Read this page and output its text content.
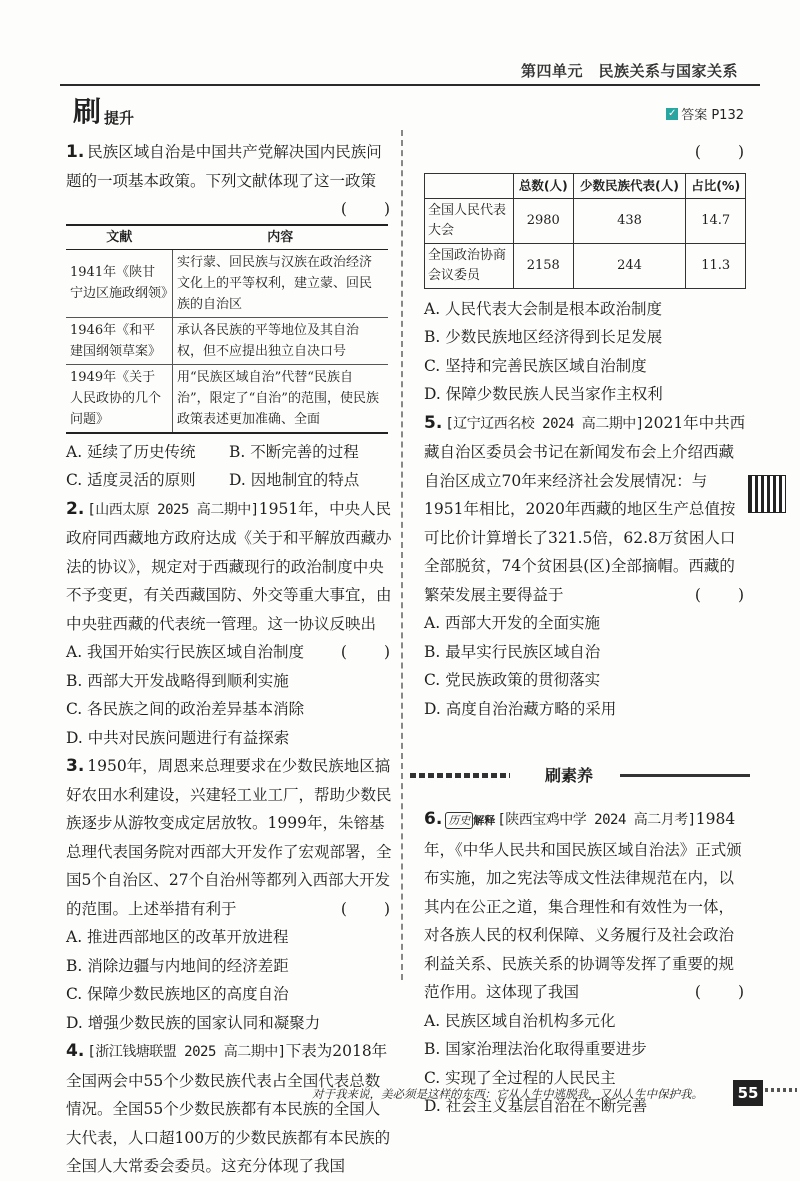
第四单元　民族关系与国家关系
刷 提升	✓ 答案 P132

1. 民族区域自治是中国共产党解决国内民族问题的一项基本政策。下列文献体现了这一政策
(　　)

文献	内容
1941年《陕甘宁边区施政纲领》	实行蒙、回民族与汉族在政治经济文化上的平等权利，建立蒙、回民族的自治区
1946年《和平建国纲领草案》	承认各民族的平等地位及其自治权，但不应提出独立自决口号
1949年《关于人民政协的几个问题》	用“民族区域自治”代替“民族自治”，限定了“自治”的范围，使民族政策表述更加准确、全面

A. 延续了历史传统	B. 不断完善的过程

C. 适度灵活的原则	D. 因地制宜的特点

2. [山西太原 2025 高二期中]1951年，中央人民政府同西藏地方政府达成《关于和平解放西藏办法的协议》，规定对于西藏现行的政治制度中央不予变更，有关西藏国防、外交等重大事宜，由中央驻西藏的代表统一管理。这一协议反映出
(　　)

A. 我国开始实行民族区域自治制度

B. 西部大开发战略得到顺利实施

C. 各民族之间的政治差异基本消除

D. 中共对民族问题进行有益探索

3. 1950年，周恩来总理要求在少数民族地区搞好农田水利建设，兴建轻工业工厂，帮助少数民族逐步从游牧变成定居放牧。1999年，朱镕基总理代表国务院对西部大开发作了宏观部署，全国5个自治区、27个自治州等都列入西部大开发的范围。上述举措有利于	(　　)

A. 推进西部地区的改革开放进程

B. 消除边疆与内地间的经济差距

C. 保障少数民族地区的高度自治

D. 增强少数民族的国家认同和凝聚力

4. [浙江钱塘联盟 2025 高二期中]下表为2018年全国两会中55个少数民族代表占全国代表总数情况。全国55个少数民族都有本民族的全国人大代表，人口超100万的少数民族都有本民族的全国人大常委会委员。这充分体现了我国

(　　)

	总数(人)	少数民族代表(人)	占比(%)
全国人民代表大会	2980	438	14.7
全国政治协商会议委员	2158	244	11.3

A. 人民代表大会制是根本政治制度

B. 少数民族地区经济得到长足发展

C. 坚持和完善民族区域自治制度

D. 保障少数民族人民当家作主权利

5. [辽宁辽西名校 2024 高二期中]2021年中共西藏自治区委员会书记在新闻发布会上介绍西藏自治区成立70年来经济社会发展情况：与1951年相比，2020年西藏的地区生产总值按可比价计算增长了321.5倍，62.8万贫困人口全部脱贫，74个贫困县(区)全部摘帽。西藏的繁荣发展主要得益于	(　　)

A. 西部大开发的全面实施

B. 最早实行民族区域自治

C. 党民族政策的贯彻落实

D. 高度自治治藏方略的采用

刷素养

6. 历史 解释 [陕西宝鸡中学 2024 高二月考]1984年，《中华人民共和国民族区域自治法》正式颁布实施，加之宪法等成文性法律规范在内，以其内在公正之道，集合理性和有效性为一体，对各族人民的权利保障、义务履行及社会政治利益关系、民族关系的协调等发挥了重要的规范作用。这体现了我国	(　　)

A. 民族区域自治机构多元化

B. 国家治理法治化取得重要进步

C. 实现了全过程的人民民主

D. 社会主义基层自治在不断完善

对于我来说，美必须是这样的东西：它从人生中逃脱我，又从人生中保护我。	55
